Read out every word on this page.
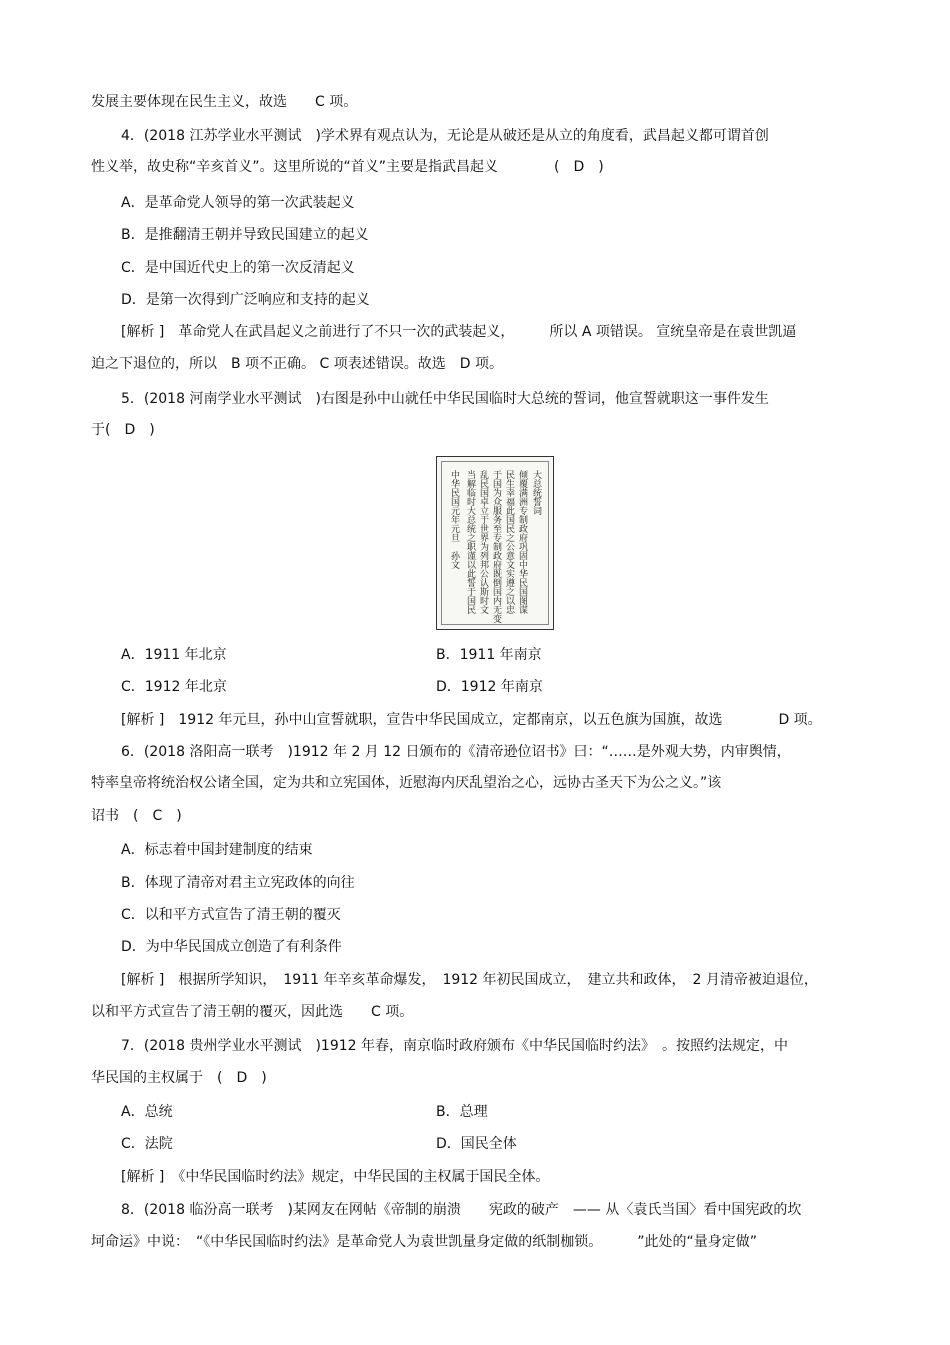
发展主要体现在民生主义，故选　　C 项。
4．(2018 江苏学业水平测试　)学术界有观点认为，无论是从破还是从立的角度看，武昌起义都可谓首创
性义举，故史称“辛亥首义”。这里所说的“首义”主要是指武昌起义　　　　(　D　)
A．是革命党人领导的第一次武装起义
B．是推翻清王朝并导致民国建立的起义
C．是中国近代史上的第一次反清起义
D．是第一次得到广泛响应和支持的起义
[解析 ]　革命党人在武昌起义之前进行了不只一次的武装起义，　　　所以 A 项错误。 宣统皇帝是在袁世凯逼
迫之下退位的，所以　B 项不正确。 C 项表述错误。故选　D 项。
5．(2018 河南学业水平测试　)右图是孙中山就任中华民国临时大总统的誓词，他宣誓就职这一事件发生
于(　D　)
A．1911 年北京	B．1911 年南京
C．1912 年北京	D．1912 年南京
[解析 ]　1912 年元旦，孙中山宣誓就职，宣告中华民国成立，定都南京，以五色旗为国旗，故选　　　　D 项。
6．(2018 洛阳高一联考　)1912 年 2 月 12 日颁布的《清帝逊位诏书》曰：“……是外观大势，内审舆情，
特率皇帝将统治权公诸全国，定为共和立宪国体，近慰海内厌乱望治之心，远协古圣天下为公之义。”该
诏书　(　C　)
A．标志着中国封建制度的结束
B．体现了清帝对君主立宪政体的向往
C．以和平方式宣告了清王朝的覆灭
D．为中华民国成立创造了有利条件
[解析 ]　根据所学知识，　1911 年辛亥革命爆发，　1912 年初民国成立，　建立共和政体，　2 月清帝被迫退位，
以和平方式宣告了清王朝的覆灭，因此选　　C 项。
7．(2018 贵州学业水平测试　)1912 年春，南京临时政府颁布《中华民国临时约法》　。按照约法规定，中
华民国的主权属于　(　D　)
A．总统	B．总理
C．法院	D．国民全体
[解析 ]　《中华民国临时约法》规定，中华民国的主权属于国民全体。
8．(2018 临汾高一联考　)某网友在网帖《帝制的崩溃　　宪政的破产　—— 从〈袁氏当国〉看中国宪政的坎
坷命运》中说：　“《中华民国临时约法》是革命党人为袁世凯量身定做的纸制枷锁。　　　”此处的“量身定做”
大总统誓词
倾覆满洲专制政府巩固中华民国图谋
民生幸福此国民之公意文实遵之以忠
于国为众服务至专制政府既倒国内无变
乱民国卓立于世界为列邦公认斯时文
当解临时大总统之职谨以此誓于国民
中华民国元年元旦　孙文
